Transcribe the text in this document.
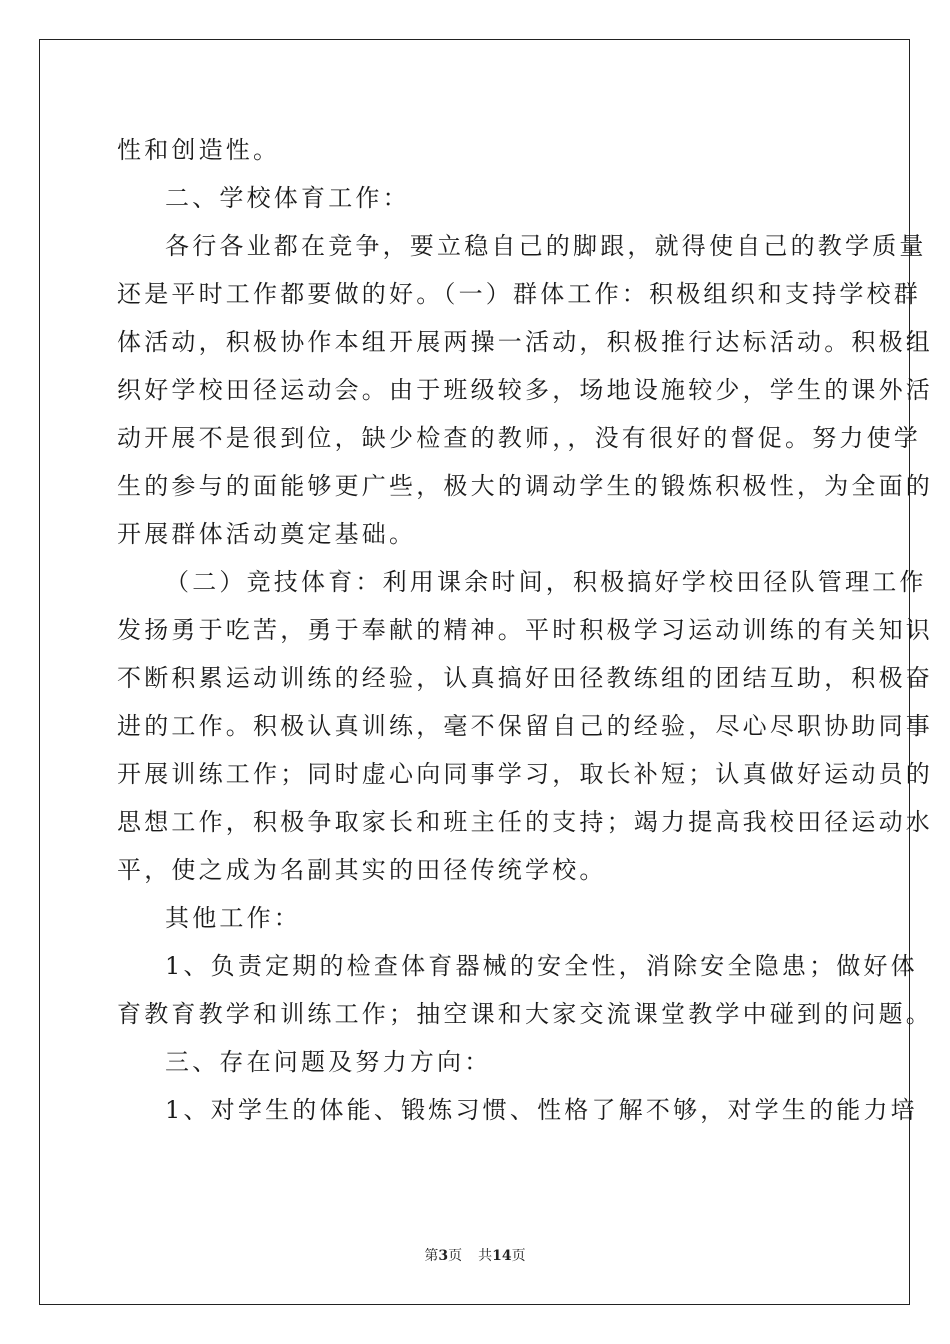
性和创造性。
二、学校体育工作：
各行各业都在竞争，要立稳自己的脚跟，就得使自己的教学质量
还是平时工作都要做的好。（一）群体工作：积极组织和支持学校群
体活动，积极协作本组开展两操一活动，积极推行达标活动。积极组
织好学校田径运动会。由于班级较多，场地设施较少，学生的课外活
动开展不是很到位，缺少检查的教师，，没有很好的督促。努力使学
生的参与的面能够更广些，极大的调动学生的锻炼积极性，为全面的
开展群体活动奠定基础。
（二）竞技体育：利用课余时间，积极搞好学校田径队管理工作
发扬勇于吃苦，勇于奉献的精神。平时积极学习运动训练的有关知识
不断积累运动训练的经验，认真搞好田径教练组的团结互助，积极奋
进的工作。积极认真训练，毫不保留自己的经验，尽心尽职协助同事
开展训练工作；同时虚心向同事学习，取长补短；认真做好运动员的
思想工作，积极争取家长和班主任的支持；竭力提高我校田径运动水
平，使之成为名副其实的田径传统学校。
其他工作：
1、负责定期的检查体育器械的安全性，消除安全隐患；做好体
育教育教学和训练工作；抽空课和大家交流课堂教学中碰到的问题。
三、存在问题及努力方向：
1、对学生的体能、锻炼习惯、性格了解不够，对学生的能力培
第3页 共14页
